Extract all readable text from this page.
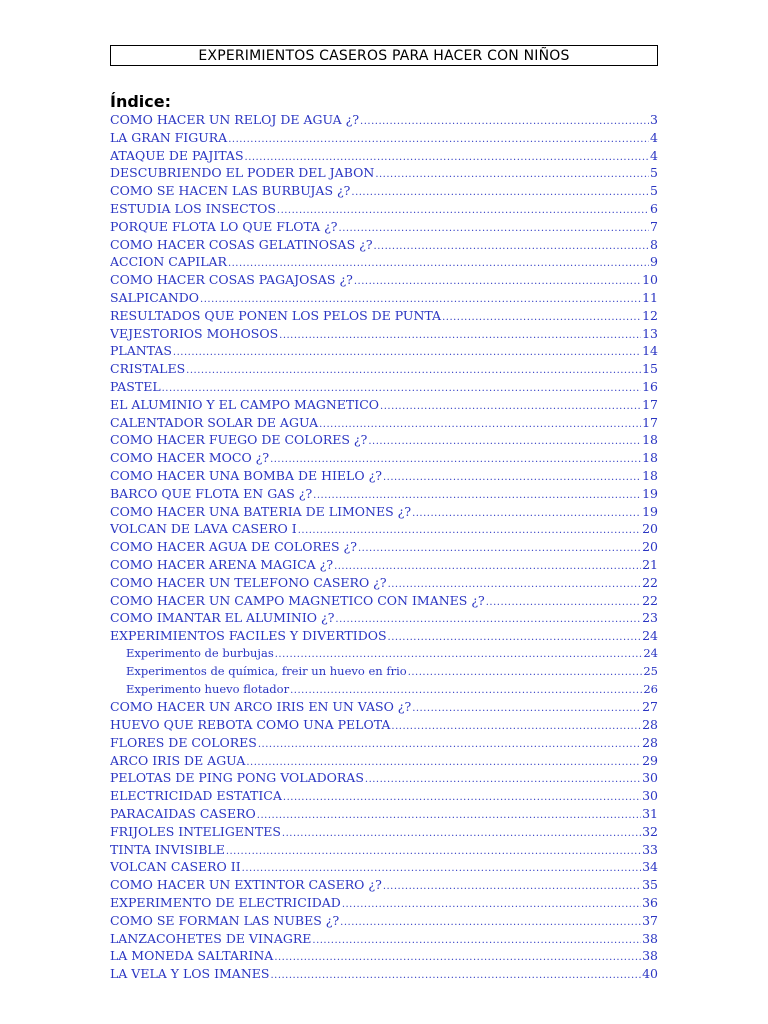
EXPERIMIENTOS CASEROS PARA HACER CON NIÑOS
Índice:
COMO HACER UN RELOJ DE AGUA ¿? .....	3
LA GRAN FIGURA .....	4
ATAQUE DE PAJITAS .....	4
DESCUBRIENDO EL PODER DEL JABON .....	5
COMO SE HACEN LAS BURBUJAS ¿? .....	5
ESTUDIA LOS INSECTOS .....	6
PORQUE FLOTA LO QUE FLOTA ¿? .....	7
COMO HACER COSAS GELATINOSAS ¿? .....	8
ACCION CAPILAR .....	9
COMO HACER COSAS PAGAJOSAS ¿? .....	10
SALPICANDO .....	11
RESULTADOS QUE PONEN LOS PELOS DE PUNTA .....	12
VEJESTORIOS MOHOSOS .....	13
PLANTAS .....	14
CRISTALES .....	15
PASTEL .....	16
EL ALUMINIO Y EL CAMPO MAGNETICO .....	17
CALENTADOR SOLAR DE AGUA .....	17
COMO HACER FUEGO DE COLORES ¿? .....	18
COMO HACER MOCO ¿? .....	18
COMO HACER UNA BOMBA DE HIELO ¿? .....	18
BARCO QUE FLOTA EN GAS ¿? .....	19
COMO HACER UNA BATERIA DE LIMONES ¿? .....	19
VOLCAN DE LAVA CASERO I .....	20
COMO HACER AGUA DE COLORES ¿? .....	20
COMO HACER ARENA MAGICA ¿? .....	21
COMO HACER UN TELEFONO CASERO ¿? .....	22
COMO HACER UN CAMPO MAGNETICO CON IMANES ¿? .....	22
COMO IMANTAR EL ALUMINIO ¿? .....	23
EXPERIMIENTOS FACILES Y DIVERTIDOS .....	24
Experimento de burbujas .....	24
Experimentos de química, freir un huevo en frio .....	25
Experimento huevo flotador .....	26
COMO HACER UN ARCO IRIS EN UN VASO ¿? .....	27
HUEVO QUE REBOTA COMO UNA PELOTA .....	28
FLORES DE COLORES .....	28
ARCO IRIS DE AGUA .....	29
PELOTAS DE PING PONG VOLADORAS .....	30
ELECTRICIDAD ESTATICA .....	30
PARACAIDAS CASERO .....	31
FRIJOLES INTELIGENTES .....	32
TINTA INVISIBLE .....	33
VOLCAN CASERO II .....	34
COMO HACER UN EXTINTOR CASERO ¿? .....	35
EXPERIMENTO DE ELECTRICIDAD .....	36
COMO SE FORMAN LAS NUBES ¿? .....	37
LANZACOHETES DE VINAGRE .....	38
LA MONEDA SALTARINA .....	38
LA VELA Y LOS IMANES .....	40
